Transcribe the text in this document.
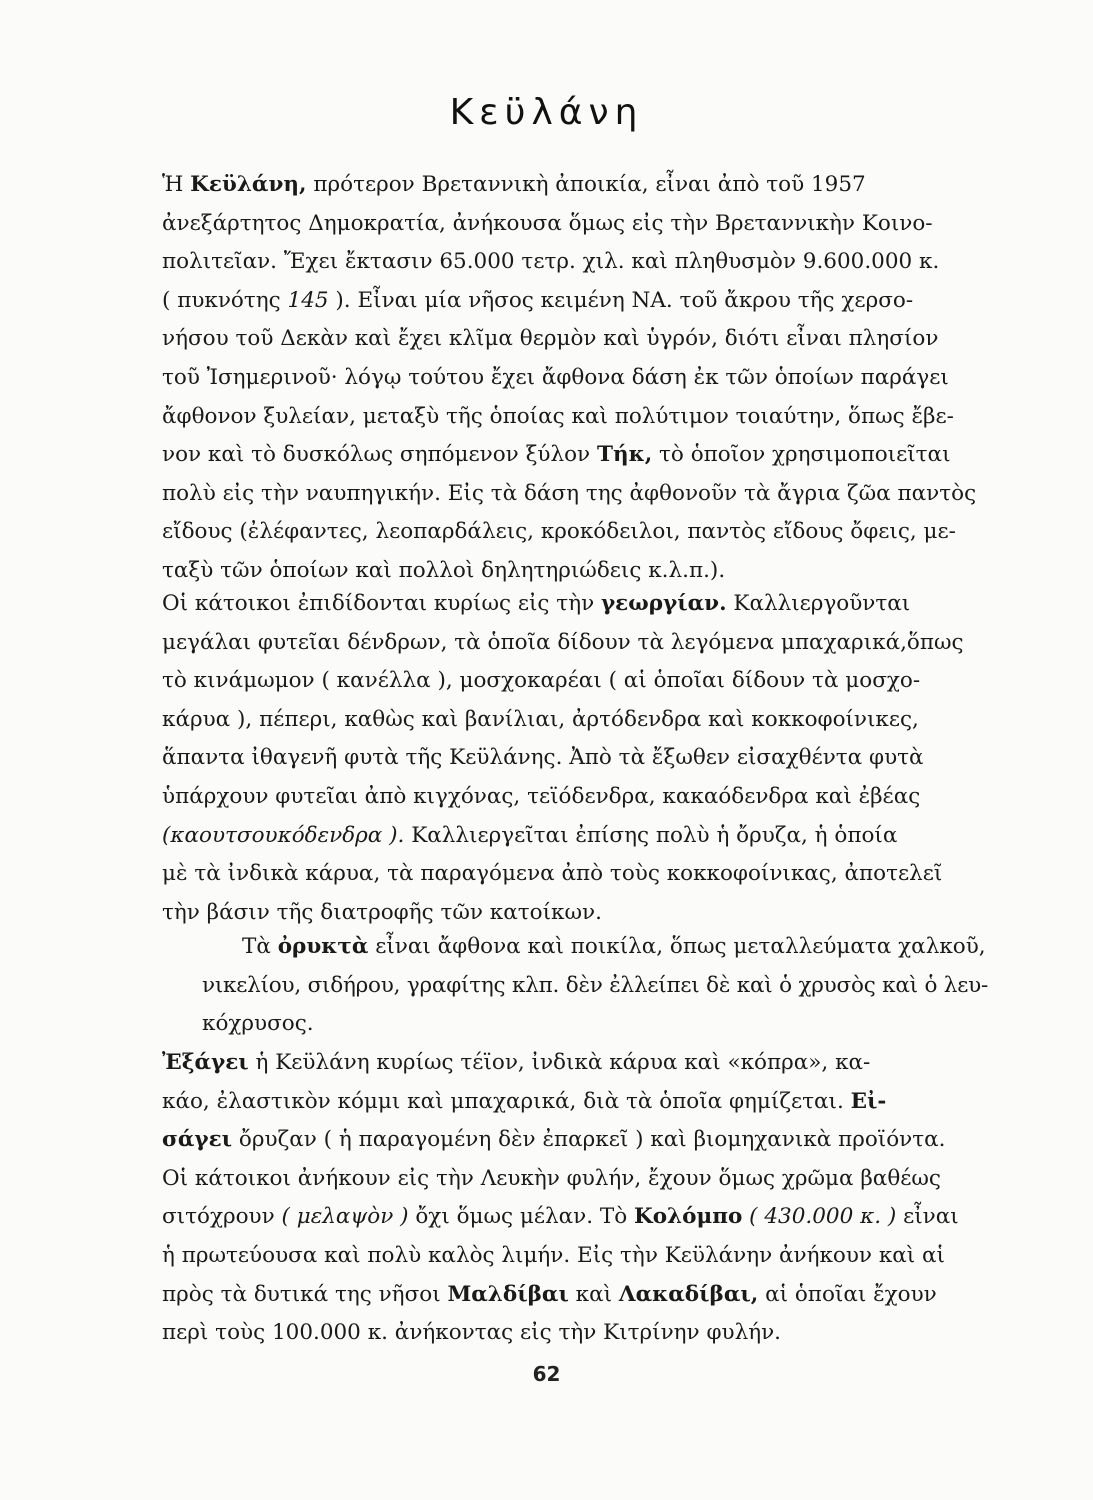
Κεϋλάνη
Ἡ Κεϋλάνη, πρότερον Βρεταννικὴ ἀποικία, εἶναι ἀπὸ τοῦ 1957
ἀνεξάρτητος Δημοκρατία, ἀνήκουσα ὅμως εἰς τὴν Βρεταννικὴν Κοινο-
πολιτεῖαν. Ἔχει ἔκτασιν 65.000 τετρ. χιλ. καὶ πληθυσμὸν 9.600.000 κ.
( πυκνότης 145 ). Εἶναι μία νῆσος κειμένη ΝΑ. τοῦ ἄκρου τῆς χερσο-
νήσου τοῦ Δεκὰν καὶ ἔχει κλῖμα θερμὸν καὶ ὑγρόν, διότι εἶναι πλησίον
τοῦ Ἰσημερινοῦ· λόγῳ τούτου ἔχει ἄφθονα δάση ἐκ τῶν ὁποίων παράγει
ἄφθονον ξυλείαν, μεταξὺ τῆς ὁποίας καὶ πολύτιμον τοιαύτην, ὅπως ἔβε-
νον καὶ τὸ δυσκόλως σηπόμενον ξύλον Τήκ, τὸ ὁποῖον χρησιμοποιεῖται
πολὺ εἰς τὴν ναυπηγικήν. Εἰς τὰ δάση της ἀφθονοῦν τὰ ἄγρια ζῶα παντὸς
εἴδους (ἐλέφαντες, λεοπαρδάλεις, κροκόδειλοι, παντὸς εἴδους ὄφεις, με-
ταξὺ τῶν ὁποίων καὶ πολλοὶ δηλητηριώδεις κ.λ.π.).
Οἱ κάτοικοι ἐπιδίδονται κυρίως εἰς τὴν γεωργίαν. Καλλιεργοῦνται
μεγάλαι φυτεῖαι δένδρων, τὰ ὁποῖα δίδουν τὰ λεγόμενα μπαχαρικά,ὅπως
τὸ κινάμωμον ( κανέλλα ), μοσχοκαρέαι ( αἱ ὁποῖαι δίδουν τὰ μοσχο-
κάρυα ), πέπερι, καθὼς καὶ βανίλιαι, ἀρτόδενδρα καὶ κοκκοφοίνικες,
ἅπαντα ἰθαγενῆ φυτὰ τῆς Κεϋλάνης. Ἀπὸ τὰ ἔξωθεν εἰσαχθέντα φυτὰ
ὑπάρχουν φυτεῖαι ἀπὸ κιγχόνας, τεϊόδενδρα, κακαόδενδρα καὶ ἐβέας
(καουτσουκόδενδρα ). Καλλιεργεῖται ἐπίσης πολὺ ἡ ὄρυζα, ἡ ὁποία
μὲ τὰ ἰνδικὰ κάρυα, τὰ παραγόμενα ἀπὸ τοὺς κοκκοφοίνικας, ἀποτελεῖ
τὴν βάσιν τῆς διατροφῆς τῶν κατοίκων.
Τὰ ὀρυκτὰ εἶναι ἄφθονα καὶ ποικίλα, ὅπως μεταλλεύματα χαλκοῦ,
νικελίου, σιδήρου, γραφίτης κλπ. δὲν ἐλλείπει δὲ καὶ ὁ χρυσὸς καὶ ὁ λευ-
κόχρυσος.
Ἐξάγει ἡ Κεϋλάνη κυρίως τέϊον, ἰνδικὰ κάρυα καὶ «κόπρα», κα-
κάο, ἐλαστικὸν κόμμι καὶ μπαχαρικά, διὰ τὰ ὁποῖα φημίζεται. Εἰ-
σάγει ὄρυζαν ( ἡ παραγομένη δὲν ἐπαρκεῖ ) καὶ βιομηχανικὰ προϊόντα.
Οἱ κάτοικοι ἀνήκουν εἰς τὴν Λευκὴν φυλήν, ἔχουν ὅμως χρῶμα βαθέως
σιτόχρουν ( μελαψὸν ) ὄχι ὅμως μέλαν. Τὸ Κολόμπο ( 430.000 κ. ) εἶναι
ἡ πρωτεύουσα καὶ πολὺ καλὸς λιμήν. Εἰς τὴν Κεϋλάνην ἀνήκουν καὶ αἱ
πρὸς τὰ δυτικά της νῆσοι Μαλδίβαι καὶ Λακαδίβαι, αἱ ὁποῖαι ἔχουν
περὶ τοὺς 100.000 κ. ἀνήκοντας εἰς τὴν Κιτρίνην φυλήν.
62
